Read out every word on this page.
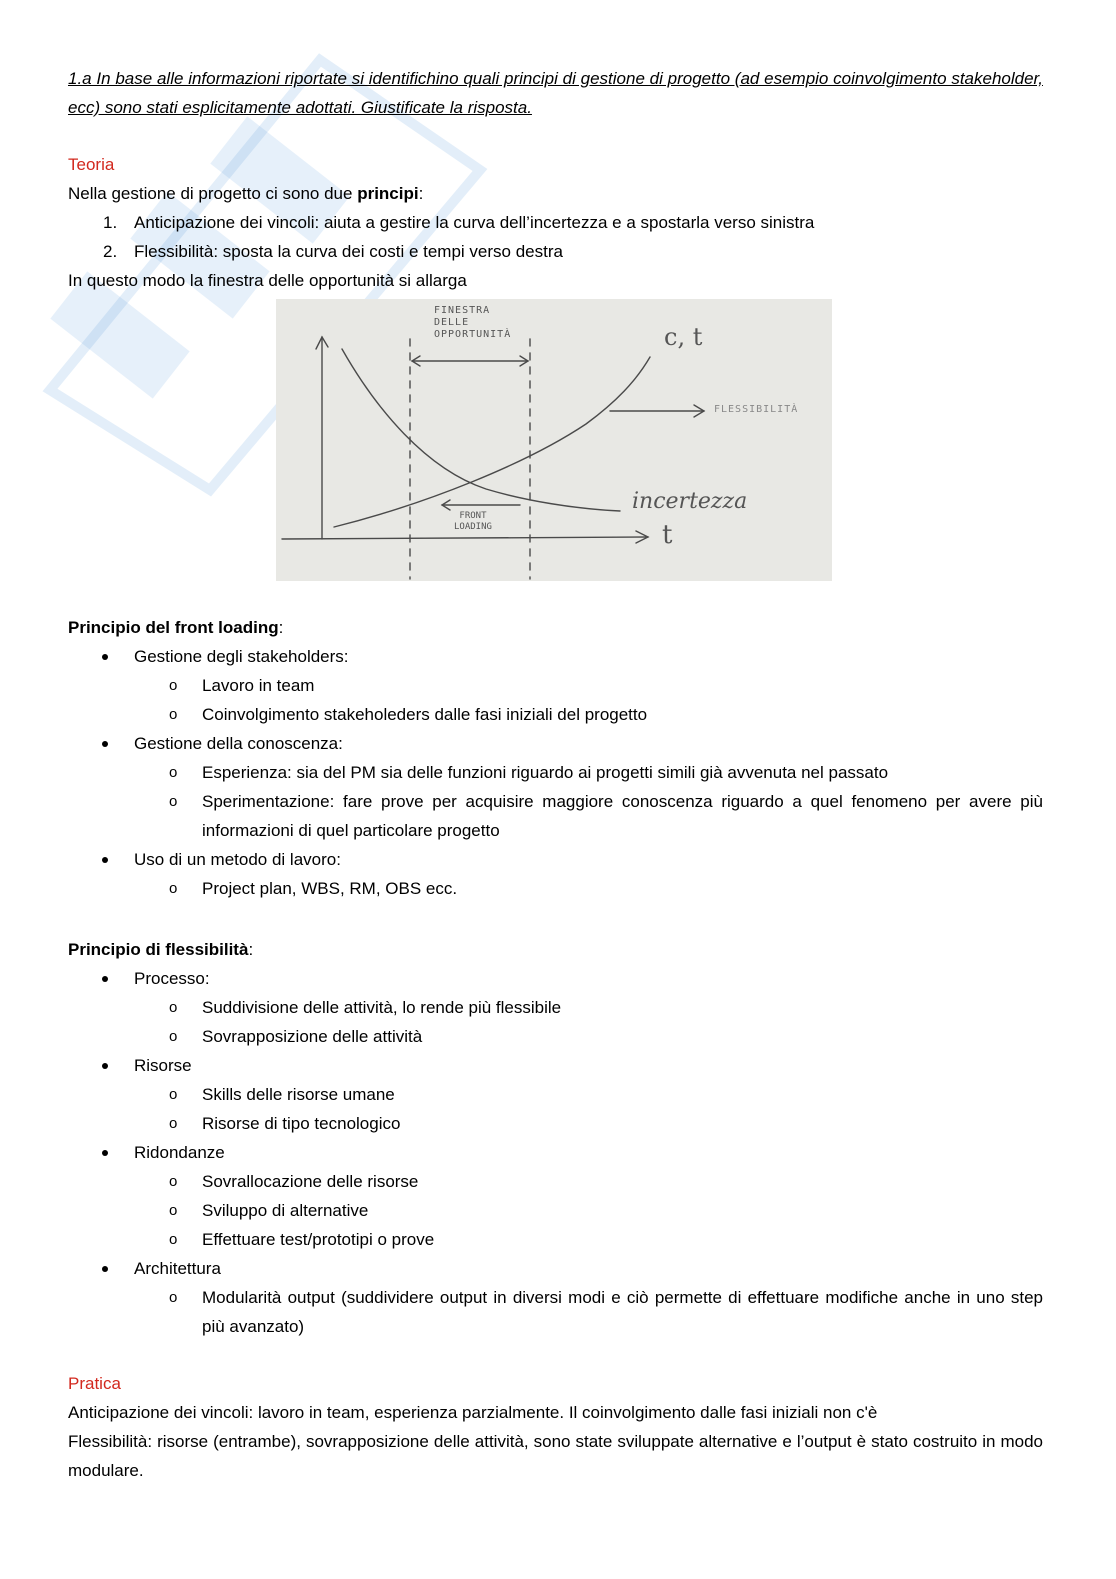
1.a In base alle informazioni riportate si identifichino quali principi di gestione di progetto (ad esempio coinvolgimento stakeholder, ecc) sono stati esplicitamente adottati. Giustificate la risposta.
Teoria
Nella gestione di progetto ci sono due principi:
1. Anticipazione dei vincoli: aiuta a gestire la curva dell’incertezza e a spostarla verso sinistra
2. Flessibilità: sposta la curva dei costi e tempi verso destra
In questo modo la finestra delle opportunità si allarga
FINESTRA
DELLE
OPPORTUNITÀ	c, t
FLESSIBILITÀ
incertezza
FRONT
LOADING	t
Principio del front loading:
Gestione degli stakeholders:
o Lavoro in team
o Coinvolgimento stakeholeders dalle fasi iniziali del progetto
Gestione della conoscenza:
o Esperienza: sia del PM sia delle funzioni riguardo ai progetti simili già avvenuta nel passato
o Sperimentazione: fare prove per acquisire maggiore conoscenza riguardo a quel fenomeno per avere più informazioni di quel particolare progetto
Uso di un metodo di lavoro:
o Project plan, WBS, RM, OBS ecc.
Principio di flessibilità:
Processo:
o Suddivisione delle attività, lo rende più flessibile
o Sovrapposizione delle attività
Risorse
o Skills delle risorse umane
o Risorse di tipo tecnologico
Ridondanze
o Sovrallocazione delle risorse
o Sviluppo di alternative
o Effettuare test/prototipi o prove
Architettura
o Modularità output (suddividere output in diversi modi e ciò permette di effettuare modifiche anche in uno step più avanzato)
Pratica
Anticipazione dei vincoli: lavoro in team, esperienza parzialmente. Il coinvolgimento dalle fasi iniziali non c'è
Flessibilità: risorse (entrambe), sovrapposizione delle attività, sono state sviluppate alternative e l’output è stato costruito in modo modulare.
